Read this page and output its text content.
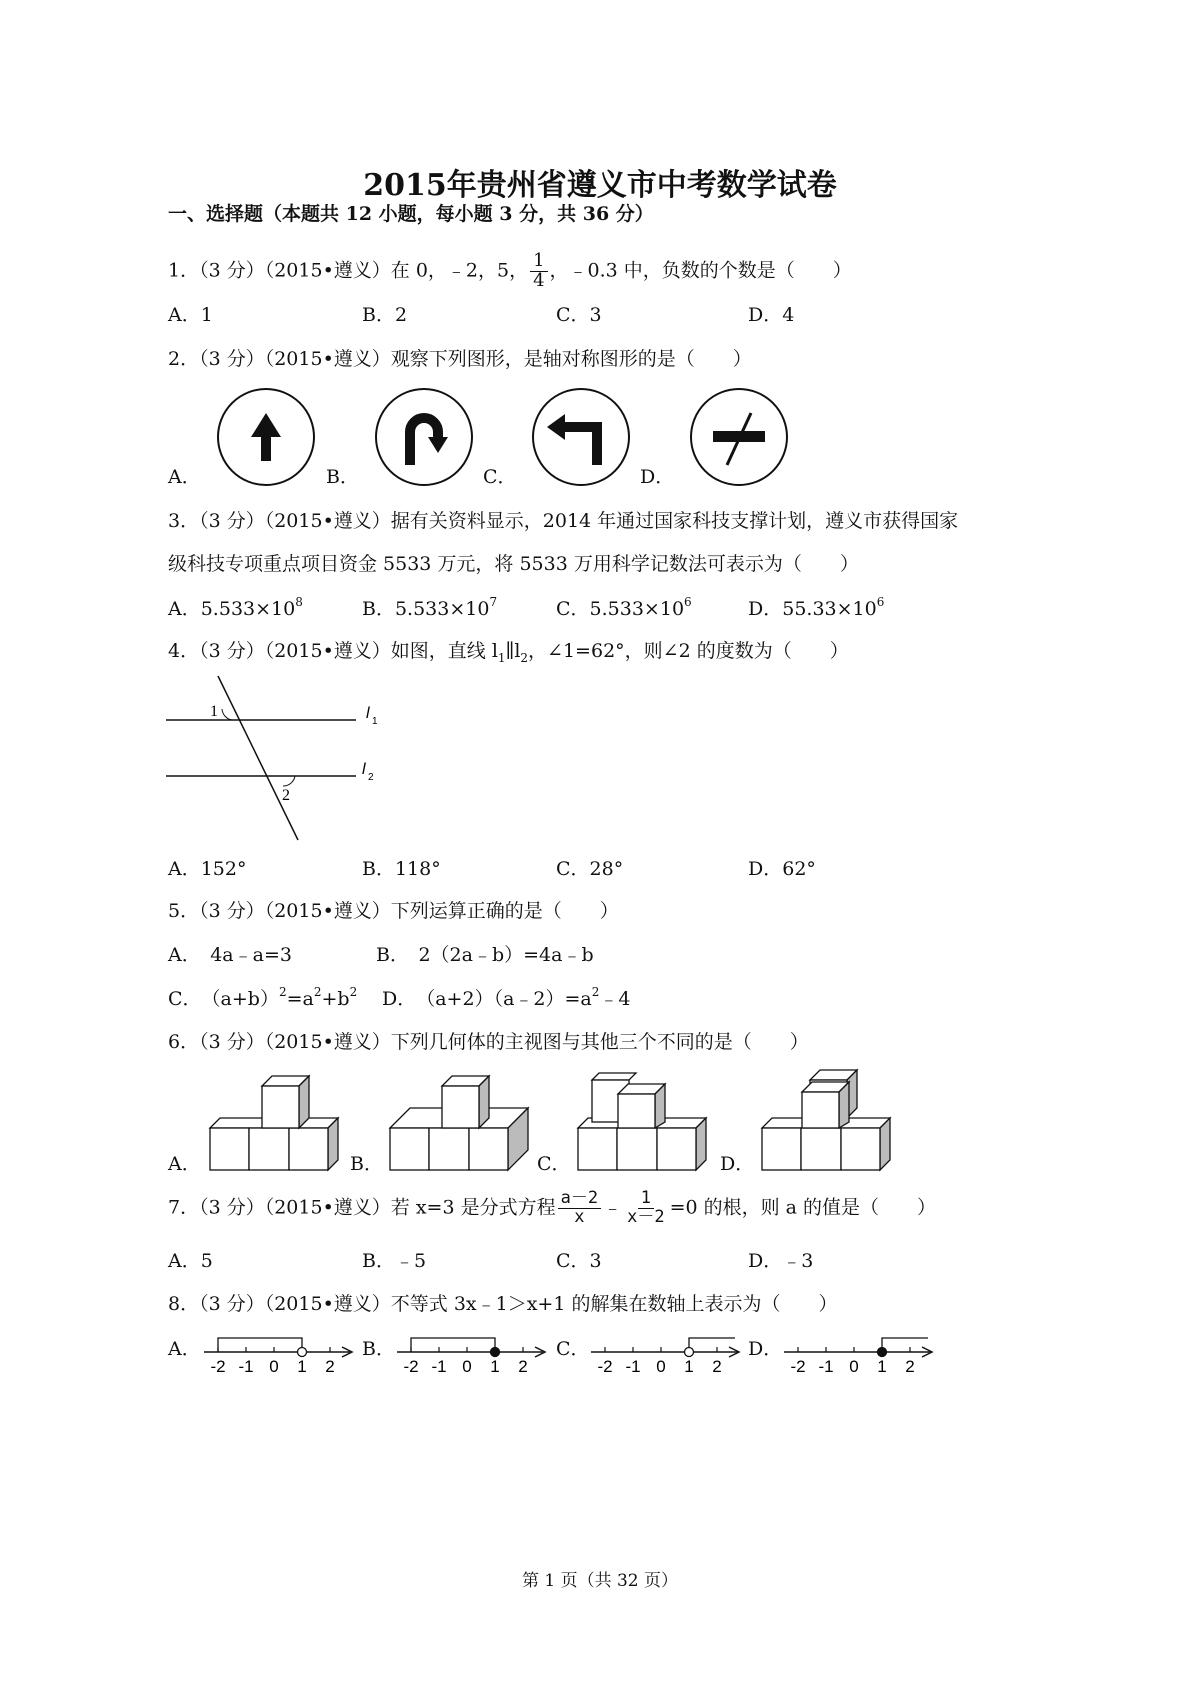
2015年贵州省遵义市中考数学试卷
一、选择题（本题共 12 小题，每小题 3 分，共 36 分）
1．（3 分）（2015•遵义）在 0，﹣2，5， $\frac{1}{4}$ ，﹣0.3 中，负数的个数是（　　）
A．1	B．2	C．3	D．4
2．（3 分）（2015•遵义）观察下列图形，是轴对称图形的是（　　）
A．	B．	C．	D．
3．（3 分）（2015•遵义）据有关资料显示，2014 年通过国家科技支撑计划，遵义市获得国家
级科技专项重点项目资金 5533 万元，将 5533 万用科学记数法可表示为（　　）
A．$5.533\times 10^8$	B．$5.533\times 10^7$	C．$5.533\times 10^6$	D．$55.33\times 10^6$
4．（3 分）（2015•遵义）如图，直线 $l_1\parallel l_2$，∠1=62°，则∠2 的度数为（　　）
1
2
l 1
l 2
A．152°	B．118°	C．28°	D．62°
5．（3 分）（2015•遵义）下列运算正确的是（　　）
A．　4a﹣a=3	B．　2（2a﹣b）=4a﹣b
C．　$(a+b)^2=a^2+b^2$ D．　$(a+2)(a﹣2)=a^2﹣4$
6．（3 分）（2015•遵义）下列几何体的主视图与其他三个不同的是（　　）
A．	B．	C．	D．
7．（3 分）（2015•遵义）若 x=3 是分式方程 $\frac{a-2}{x}$ ﹣ $\frac{1}{x-2} =0$ 的根，则 a 的值是（　　）
A．5	B．﹣5	C．3	D．﹣3
8．（3 分）（2015•遵义）不等式 3x﹣1＞x+1 的解集在数轴上表示为（　　）
A．	B．	C．	D．
-2 -1 0 1 2	-2 -1 0 1 2	-2 -1 0 1 2	-2 -1 0 1 2
第 1 页（共 32 页）
